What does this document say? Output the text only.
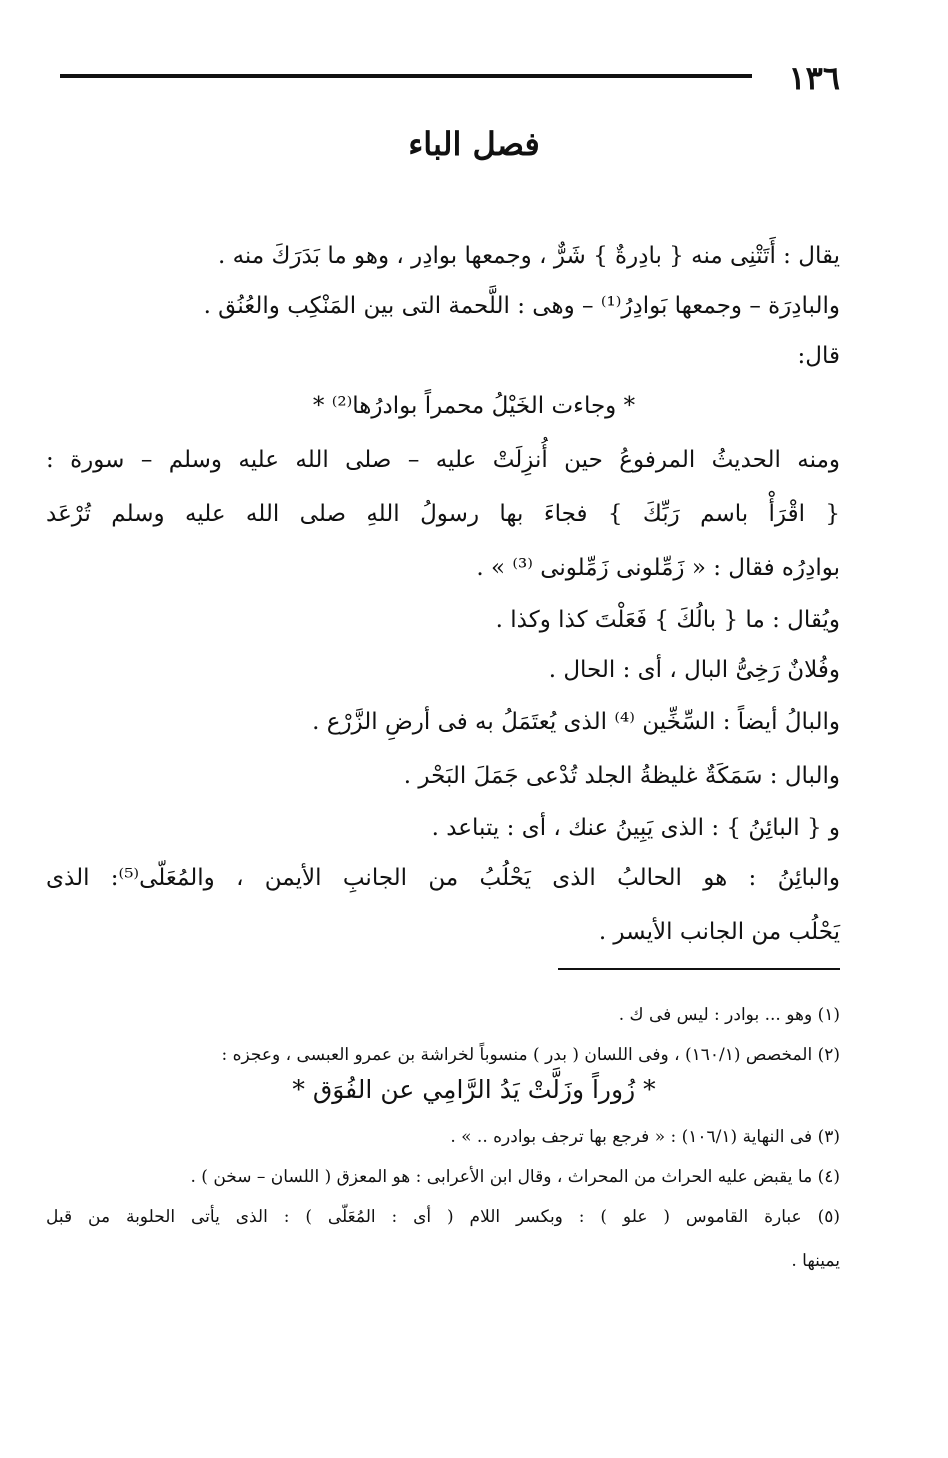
١٣٦
فصل الباء
يقال : أَتَتْنِى منه { بادِرةٌ } شَرٌّ ، وجمعها بوادِر ، وهو ما بَدَرَكَ منه .
والبادِرَة – وجمعها بَوادِرُ⁽¹⁾ – وهى : اللَّحمة التى بين المَنْكِب والعُنُق .
قال:
* وجاءت الخَيْلُ محمراً بوادرُها⁽²⁾ *
ومنه الحديثُ المرفوعُ حين أُنزِلَتْ عليه – صلى الله عليه وسلم – سورة :
{ اقْرَأْ باسم رَبِّكَ } فجاءَ بها رسولُ اللهِ صلى الله عليه وسلم تُرْعَد
بوادِرُه فقال : « زَمِّلونى زَمِّلونى ⁽³⁾ » .
ويُقال : ما { بالُكَ } فَعَلْتَ كذا وكذا .
وفُلانٌ رَخِىُّ البال ، أى : الحال .
والبالُ أيضاً : السِّخِّين ⁽⁴⁾ الذى يُعتَمَلُ به فى أرضِ الزَّرْع .
والبال : سَمَكَةٌ غليظةُ الجلد تُدْعى جَمَلَ البَحْر .
و { البائِنُ } : الذى يَبِينُ عنك ، أى : يتباعد .
والبائِنُ : هو الحالبُ الذى يَحْلُبُ من الجانبِ الأيمن ، والمُعَلّى⁽⁵⁾: الذى
يَحْلُب من الجانب الأيسر .
(١) وهو ... بوادر : ليس فى ك .
(٢) المخصص (١٦٠/١) ، وفى اللسان ( بدر ) منسوباً لخراشة بن عمرو العبسى ، وعجزه :
* زُوراً وزَلَّتْ يَدُ الرَّامِي عن الفُوَق *
(٣) فى النهاية (١٠٦/١) : « فرجع بها ترجف بوادره .. » .
(٤) ما يقبض عليه الحراث من المحراث ، وقال ابن الأعرابى : هو المعزق ( اللسان – سخن ) .
(٥) عبارة القاموس ( علو ) : وبكسر اللام ( أى : المُعَلّى ) : الذى يأتى الحلوبة من قبل
يمينها .
